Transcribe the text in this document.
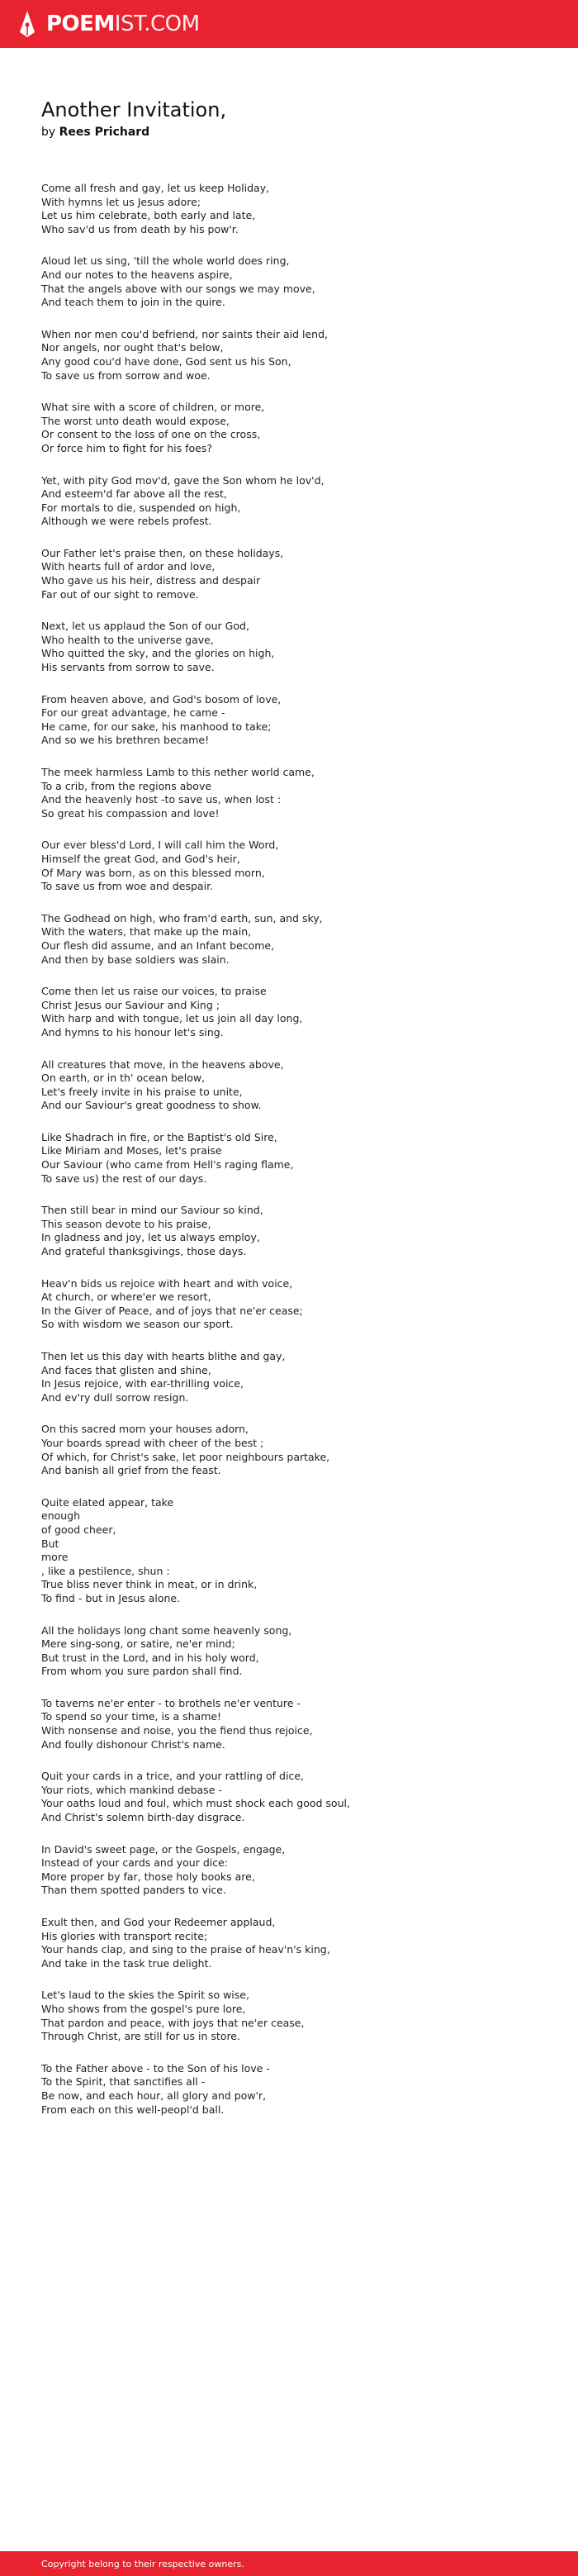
POEMIST.COM
Another Invitation,
by Rees Prichard
Come all fresh and gay, let us keep Holiday,
With hymns let us Jesus adore;
Let us him celebrate, both early and late,
Who sav'd us from death by his pow'r.
Aloud let us sing, 'till the whole world does ring,
And our notes to the heavens aspire,
That the angels above with our songs we may move,
And teach them to join in the quire.
When nor men cou'd befriend, nor saints their aid lend,
Nor angels, nor ought that's below,
Any good cou'd have done, God sent us his Son,
To save us from sorrow and woe.
What sire with a score of children, or more,
The worst unto death would expose,
Or consent to the loss of one on the cross,
Or force him to fight for his foes?
Yet, with pity God mov'd, gave the Son whom he lov'd,
And esteem'd far above all the rest,
For mortals to die, suspended on high,
Although we were rebels profest.
Our Father let's praise then, on these holidays,
With hearts full of ardor and love,
Who gave us his heir, distress and despair
Far out of our sight to remove.
Next, let us applaud the Son of our God,
Who health to the universe gave,
Who quitted the sky, and the glories on high,
His servants from sorrow to save.
From heaven above, and God's bosom of love,
For our great advantage, he came -
He came, for our sake, his manhood to take;
And so we his brethren became!
The meek harmless Lamb to this nether world came,
To a crib, from the regions above
And the heavenly host -to save us, when lost :
So great his compassion and love!
Our ever bless'd Lord, I will call him the Word,
Himself the great God, and God's heir,
Of Mary was born, as on this blessed morn,
To save us from woe and despair.
The Godhead on high, who fram'd earth, sun, and sky,
With the waters, that make up the main,
Our flesh did assume, and an Infant become,
And then by base soldiers was slain.
Come then let us raise our voices, to praise
Christ Jesus our Saviour and King ;
With harp and with tongue, let us join all day long,
And hymns to his honour let's sing.
All creatures that move, in the heavens above,
On earth, or in th' ocean below,
Let's freely invite in his praise to unite,
And our Saviour's great goodness to show.
Like Shadrach in fire, or the Baptist's old Sire,
Like Miriam and Moses, let's praise
Our Saviour (who came from Hell's raging flame,
To save us) the rest of our days.
Then still bear in mind our Saviour so kind,
This season devote to his praise,
In gladness and joy, let us always employ,
And grateful thanksgivings, those days.
Heav'n bids us rejoice with heart and with voice,
At church, or where'er we resort,
In the Giver of Peace, and of joys that ne'er cease;
So with wisdom we season our sport.
Then let us this day with hearts blithe and gay,
And faces that glisten and shine,
In Jesus rejoice, with ear-thrilling voice,
And ev'ry dull sorrow resign.
On this sacred morn your houses adorn,
Your boards spread with cheer of the best ;
Of which, for Christ's sake, let poor neighbours partake,
And banish all grief from the feast.
Quite elated appear, take
enough
of good cheer,
But
more
, like a pestilence, shun :
True bliss never think in meat, or in drink,
To find - but in Jesus alone.
All the holidays long chant some heavenly song,
Mere sing-song, or satire, ne'er mind;
But trust in the Lord, and in his holy word,
From whom you sure pardon shall find.
To taverns ne'er enter - to brothels ne'er venture -
To spend so your time, is a shame!
With nonsense and noise, you the fiend thus rejoice,
And foully dishonour Christ's name.
Quit your cards in a trice, and your rattling of dice,
Your riots, which mankind debase -
Your oaths loud and foul, which must shock each good soul,
And Christ's solemn birth-day disgrace.
In David's sweet page, or the Gospels, engage,
Instead of your cards and your dice:
More proper by far, those holy books are,
Than them spotted panders to vice.
Exult then, and God your Redeemer applaud,
His glories with transport recite;
Your hands clap, and sing to the praise of heav'n's king,
And take in the task true delight.
Let's laud to the skies the Spirit so wise,
Who shows from the gospel's pure lore,
That pardon and peace, with joys that ne'er cease,
Through Christ, are still for us in store.
To the Father above - to the Son of his love -
To the Spirit, that sanctifies all -
Be now, and each hour, all glory and pow'r,
From each on this well-peopl'd ball.
Copyright belong to their respective owners.
